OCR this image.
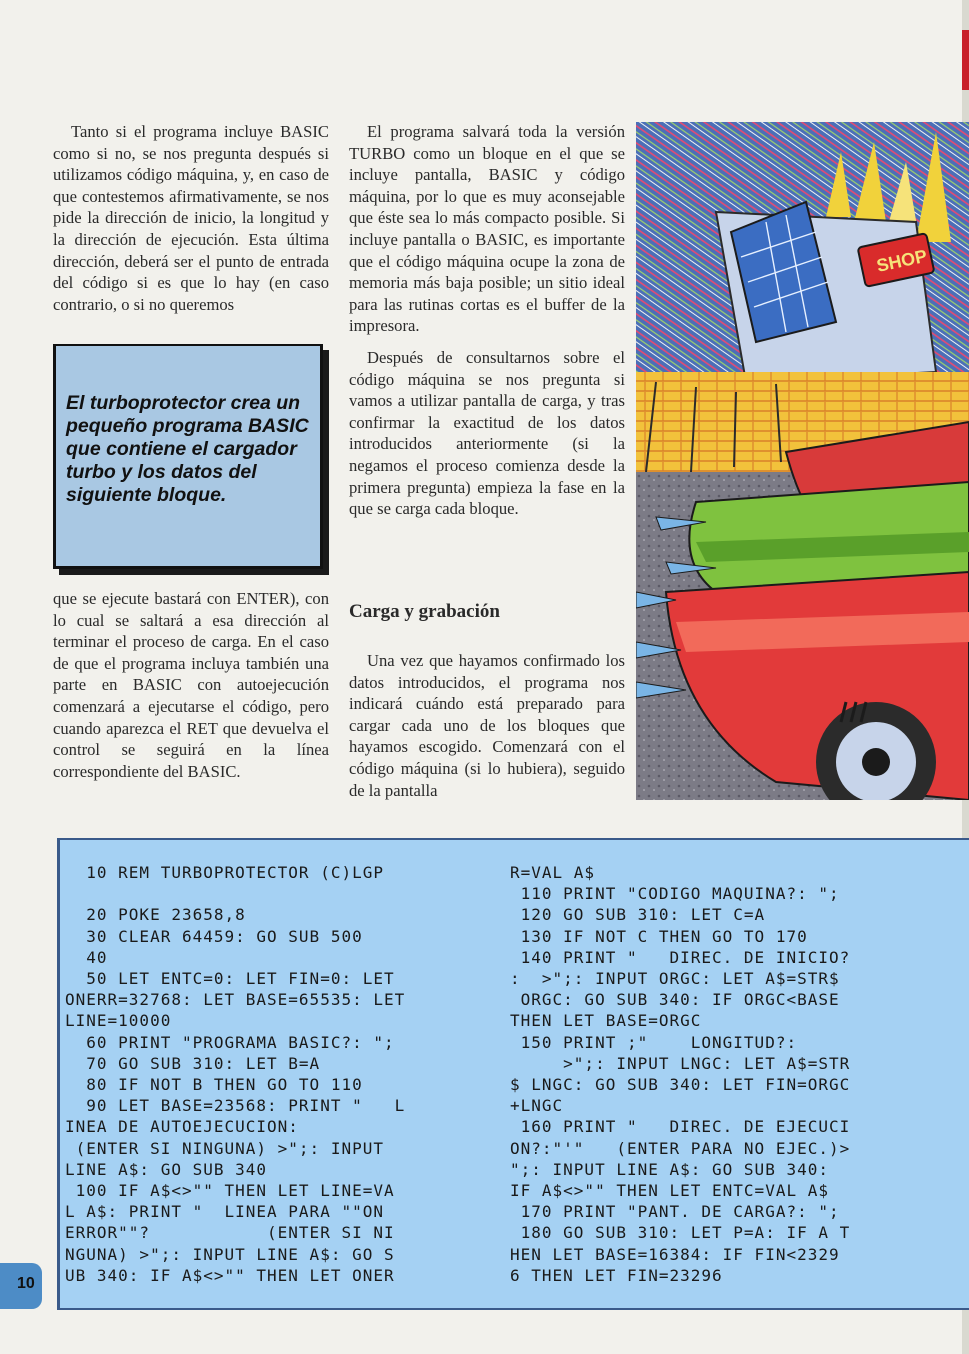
Tanto si el programa incluye BASIC como si no, se nos pregunta después si utilizamos código máquina, y, en caso de que contestemos afirmativamente, se nos pide la dirección de inicio, la longitud y la dirección de ejecución. Esta última dirección, deberá ser el punto de entrada del código si es que lo hay (en caso contrario, o si no queremos

El turboprotector crea un pequeño programa BASIC que contiene el cargador turbo y los datos del siguiente bloque.

que se ejecute bastará con ENTER), con lo cual se saltará a esa dirección al terminar el proceso de carga. En el caso de que el programa incluya también una parte en BASIC con autoejecución comenzará a ejecutarse el código, pero cuando aparezca el RET que devuelva el control se seguirá en la línea correspondiente del BASIC.

El programa salvará toda la versión TURBO como un bloque en el que se incluye pantalla, BASIC y código máquina, por lo que es muy aconsejable que éste sea lo más compacto posible. Si incluye pantalla o BASIC, es importante que el código máquina ocupe la zona de memoria más baja posible; un sitio ideal para las rutinas cortas es el buffer de la impresora.

Después de consultarnos sobre el código máquina se nos pregunta si vamos a utilizar pantalla de carga, y tras confirmar la exactitud de los datos introducidos anteriormente (si la negamos el proceso comienza desde la primera pregunta) empieza la fase en la que se carga cada bloque.

Carga y grabación

Una vez que hayamos confirmado los datos introducidos, el programa nos indicará cuándo está preparado para cargar cada uno de los bloques que hayamos escogido. Comenzará con el código máquina (si lo hubiera), seguido de la pantalla

SHOP
10 REM TURBOPROTECTOR (C)LGP

20 POKE 23658,8
30 CLEAR 64459: GO SUB 500
40
50 LET ENTC=0: LET FIN=0: LET
ONERR=32768: LET BASE=65535: LET
LINE=10000
60 PRINT "PROGRAMA BASIC?: ";
70 GO SUB 310: LET B=A
80 IF NOT B THEN GO TO 110
90 LET BASE=23568: PRINT "   L
INEA DE AUTOEJECUCION:
(ENTER SI NINGUNA) >";: INPUT
LINE A$: GO SUB 340
100 IF A$<>"" THEN LET LINE=VA
L A$: PRINT "  LINEA PARA ""ON
ERROR""?           (ENTER SI NI
NGUNA) >";: INPUT LINE A$: GO S
UB 340: IF A$<>"" THEN LET ONER
R=VAL A$
110 PRINT "CODIGO MAQUINA?: ";
120 GO SUB 310: LET C=A
130 IF NOT C THEN GO TO 170
140 PRINT "   DIREC. DE INICIO?
:  >";: INPUT ORGC: LET A$=STR$
ORGC: GO SUB 340: IF ORGC<BASE
THEN LET BASE=ORGC
150 PRINT ;"    LONGITUD?:
>";: INPUT LNGC: LET A$=STR
$ LNGC: GO SUB 340: LET FIN=ORGC
+LNGC
160 PRINT "   DIREC. DE EJECUCI
ON?:"'"   (ENTER PARA NO EJEC.)>
";: INPUT LINE A$: GO SUB 340:
IF A$<>"" THEN LET ENTC=VAL A$
170 PRINT "PANT. DE CARGA?: ";
180 GO SUB 310: LET P=A: IF A T
HEN LET BASE=16384: IF FIN<2329
6 THEN LET FIN=23296
10
